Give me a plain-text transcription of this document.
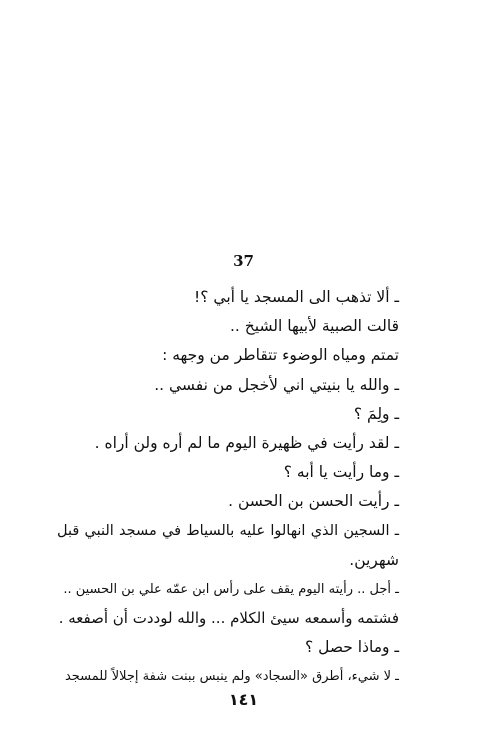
37
ـ ألا تذهب الى المسجد يا أبي ؟!
قالت الصبية لأبيها الشيخ ..
تمتم ومياه الوضوء تتقاطر من وجهه :
ـ والله يا بنيتي اني لأخجل من نفسي ..
ـ ولِمَ ؟
ـ لقد رأيت في ظهيرة اليوم ما لم أره ولن أراه .
ـ وما رأيت يا أبه ؟
ـ رأيت الحسن بن الحسن .
ـ السجين الذي انهالوا عليه بالسياط في مسجد النبي قبل
شهرين.
ـ أجل .. رأيته اليوم يقف على رأس ابن عمّه علي بن الحسين ..
فشتمه وأسمعه سيئ الكلام ... والله لوددت أن أصفعه .
ـ وماذا حصل ؟
ـ لا شيء، أطرق «السجاد» ولم ينبس ببنت شفة إجلالاً للمسجد
١٤١
